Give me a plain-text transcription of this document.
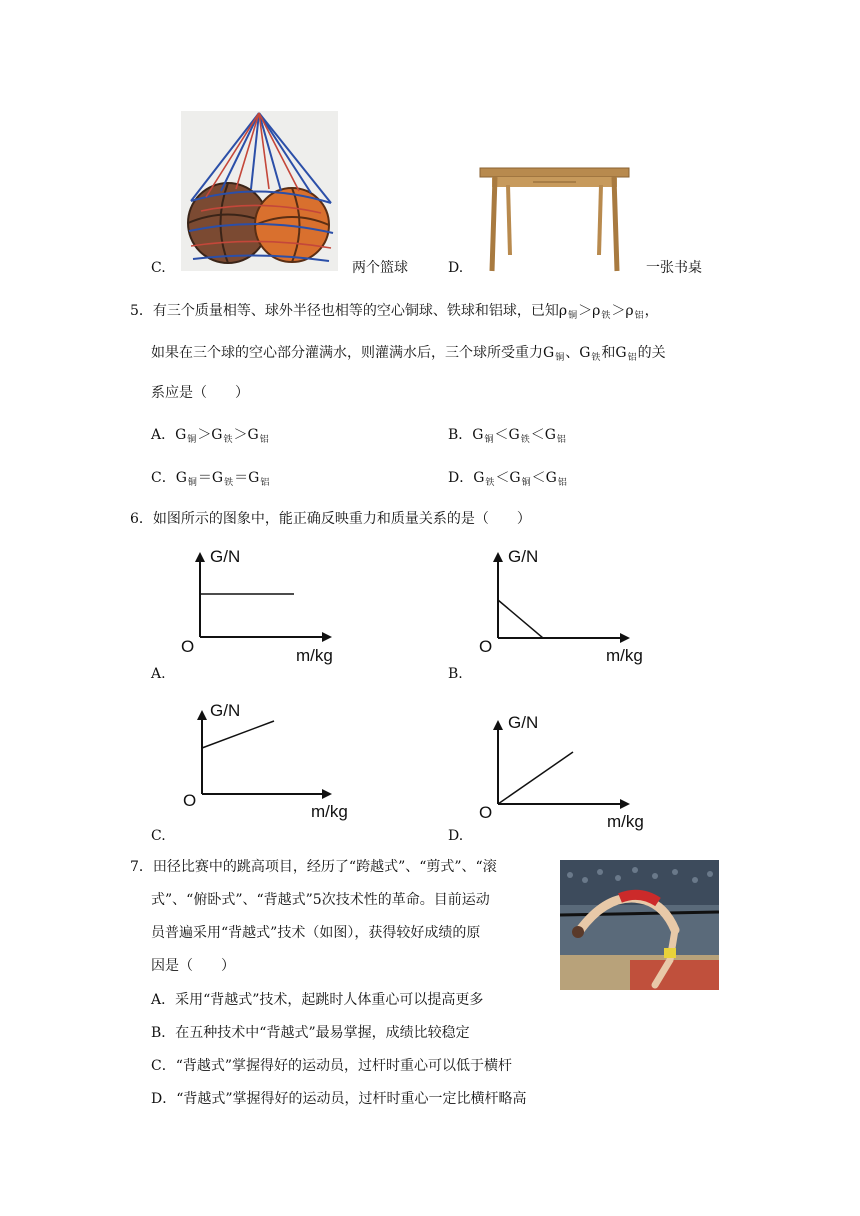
C.	两个篮球	D.	一张书桌
5．有三个质量相等、球外半径也相等的空心铜球、铁球和铝球，已知$\rho_铜>\rho_铁>\rho_铝$，
如果在三个球的空心部分灌满水，则灌满水后，三个球所受重力$G_铜$、$G_铁$和$G_铝$的关
系应是（　　）
A．$G_铜>G_铁>G_铝$	B．$G_铜<G_铁<G_铝$
C．$G_铜=G_铁=G_铝$	D．$G_铁<G_铜<G_铝$
6．如图所示的图象中，能正确反映重力和质量关系的是（　　）
G/N
O	m/kg
A.
G/N
O	m/kg
B.
G/N
O
m/kg
C.
G/N
O	m/kg
D.
7．田径比赛中的跳高项目，经历了“跨越式”、“剪式”、“滚
式”、“俯卧式”、“背越式”5次技术性的革命。目前运动
员普遍采用“背越式”技术（如图），获得较好成绩的原
因是（　　）
A．采用“背越式”技术，起跳时人体重心可以提高更多
B．在五种技术中“背越式”最易掌握，成绩比较稳定
C．“背越式”掌握得好的运动员，过杆时重心可以低于横杆
D．“背越式”掌握得好的运动员，过杆时重心一定比横杆略高
